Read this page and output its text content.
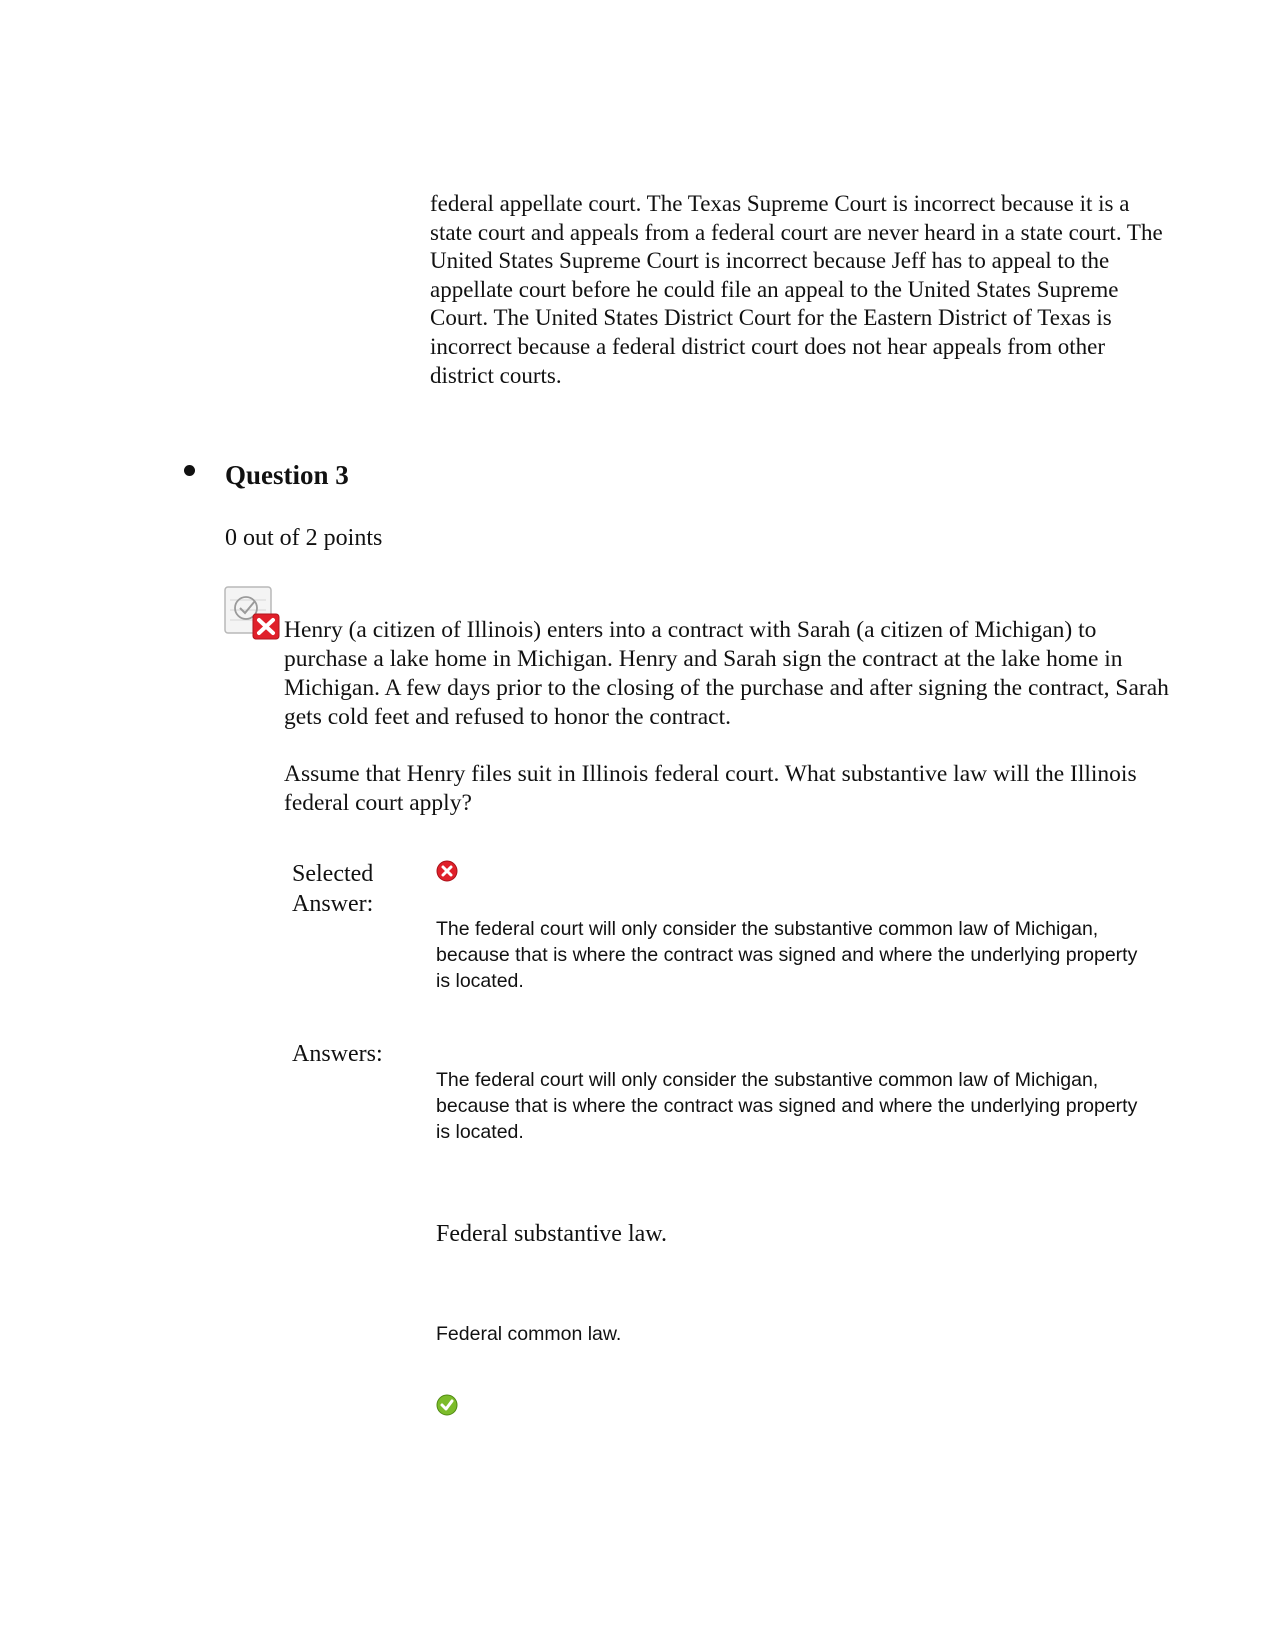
federal appellate court. The Texas Supreme Court is incorrect because it is a state court and appeals from a federal court are never heard in a state court. The United States Supreme Court is incorrect because Jeff has to appeal to the appellate court before he could file an appeal to the United States Supreme Court. The United States District Court for the Eastern District of Texas is incorrect because a federal district court does not hear appeals from other district courts.
Question 3
0 out of 2 points

Henry (a citizen of Illinois) enters into a contract with Sarah (a citizen of Michigan) to purchase a lake home in Michigan. Henry and Sarah sign the contract at the lake home in Michigan. A few days prior to the closing of the purchase and after signing the contract, Sarah gets cold feet and refused to honor the contract.

Assume that Henry files suit in Illinois federal court. What substantive law will the Illinois federal court apply?

Selected Answer:
The federal court will only consider the substantive common law of Michigan, because that is where the contract was signed and where the underlying property is located.
Answers:
The federal court will only consider the substantive common law of Michigan, because that is where the contract was signed and where the underlying property is located.
Federal substantive law.
Federal common law.
